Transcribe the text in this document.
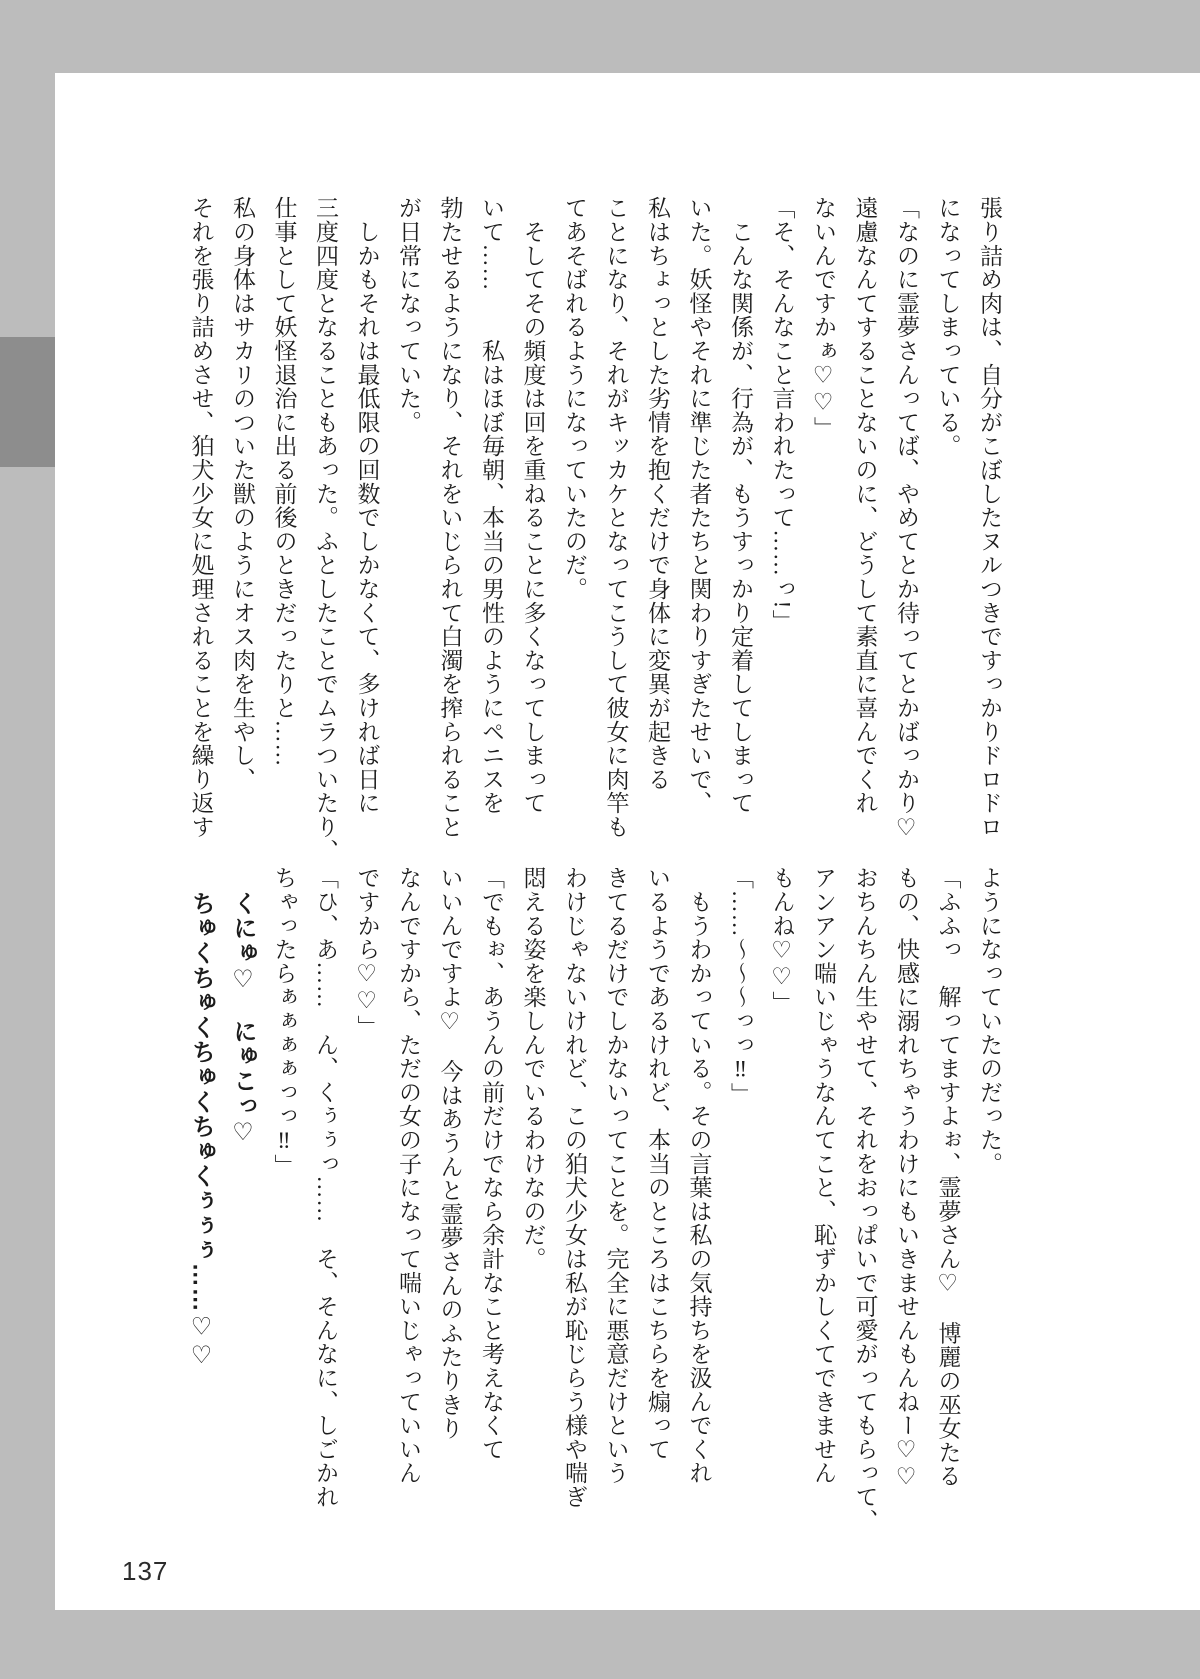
張り詰め肉は、自分がこぼしたヌルつきですっかりドロドロ

になってしまっている。

「なのに霊夢さんってば、やめてとか待ってとかばっかり♡

遠慮なんてすることないのに、どうして素直に喜んでくれ

ないんですかぁ♡♡」

「そ、そんなこと言われたって……っ!」

　こんな関係が、行為が、もうすっかり定着してしまって

いた。妖怪やそれに準じた者たちと関わりすぎたせいで、

私はちょっとした劣情を抱くだけで身体に変異が起きる

ことになり、それがキッカケとなってこうして彼女に肉竿も

てあそばれるようになっていたのだ。

　そしてその頻度は回を重ねることに多くなってしまって

いて……　　私はほぼ毎朝、本当の男性のようにペニスを

勃たせるようになり、それをいじられて白濁を搾られること

が日常になっていた。

　しかもそれは最低限の回数でしかなくて、多ければ日に

三度四度となることもあった。ふとしたことでムラついたり、

仕事として妖怪退治に出る前後のときだったりと……

私の身体はサカリのついた獣のようにオス肉を生やし、

それを張り詰めさせ、狛犬少女に処理されることを繰り返す

ようになっていたのだった。

「ふふっ　解ってますよぉ、霊夢さん♡　博麗の巫女たる

もの、快感に溺れちゃうわけにもいきませんもんねー♡♡

おちんちん生やせて、それをおっぱいで可愛がってもらって、

アンアン喘いじゃうなんてこと、恥ずかしくてできません

もんね♡♡」

「……～～～っっ‼」

　もうわかっている。その言葉は私の気持ちを汲んでくれ

いるようであるけれど、本当のところはこちらを煽って

きてるだけでしかないってことを。完全に悪意だけという

わけじゃないけれど、この狛犬少女は私が恥じらう様や喘ぎ

悶える姿を楽しんでいるわけなのだ。

「でもぉ、あうんの前だけでなら余計なこと考えなくて

いいんですよ♡　今はあうんと霊夢さんのふたりきり

なんですから、ただの女の子になって喘いじゃっていいん

ですから♡♡」

「ひ、あ……　ん、くぅぅっ……　そ、そんなに、しごかれ

ちゃったらぁぁぁぁっっ‼」

　くにゅ♡　にゅこっ♡

　ちゅくちゅくちゅくちゅくぅぅぅ……♡♡

137
